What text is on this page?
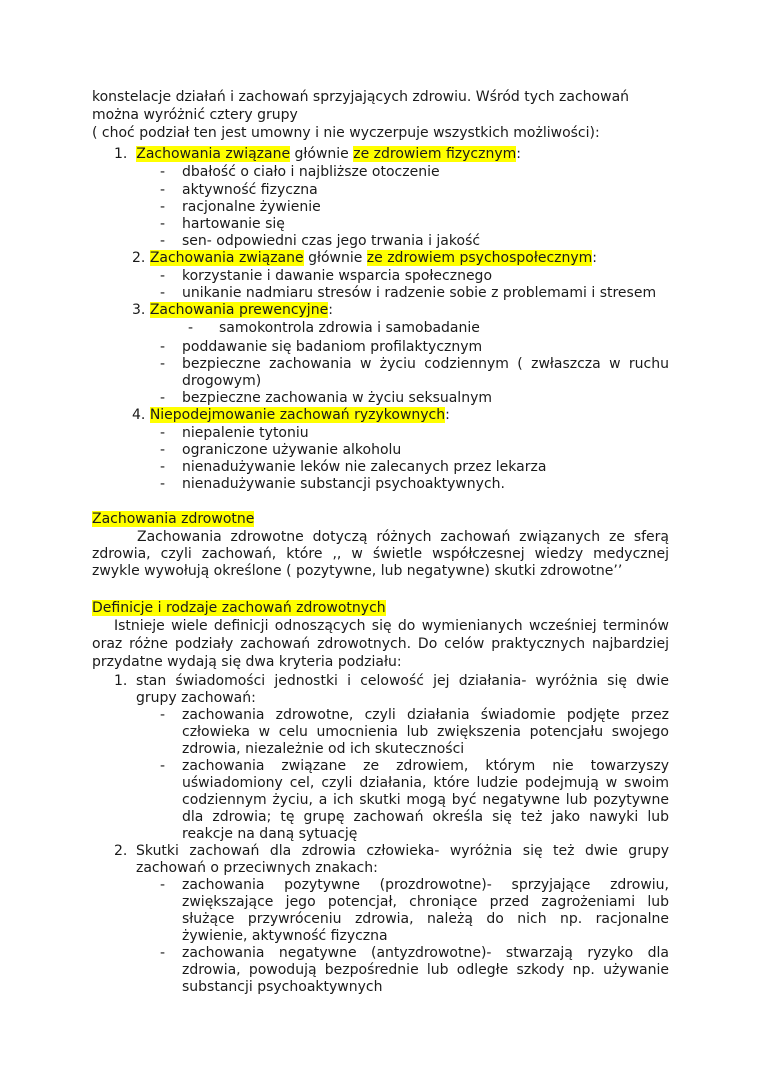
konstelacje działań i zachowań sprzyjających zdrowiu. Wśród tych zachowań
można wyróżnić cztery grupy
( choć podział ten jest umowny i nie wyczerpuje wszystkich możliwości):
1. Zachowania związane głównie ze zdrowiem fizycznym:
- dbałość o ciało i najbliższe otoczenie
- aktywność fizyczna
- racjonalne żywienie
- hartowanie się
- sen- odpowiedni czas jego trwania i jakość
2. Zachowania związane głównie ze zdrowiem psychospołecznym:
- korzystanie i dawanie wsparcia społecznego
- unikanie nadmiaru stresów i radzenie sobie z problemami i stresem
3. Zachowania prewencyjne:
- samokontrola zdrowia i samobadanie
- poddawanie się badaniom profilaktycznym
- bezpieczne zachowania w życiu codziennym ( zwłaszcza w ruchu
drogowym)
- bezpieczne zachowania w życiu seksualnym
4. Niepodejmowanie zachowań ryzykownych:
- niepalenie tytoniu
- ograniczone używanie alkoholu
- nienadużywanie leków nie zalecanych przez lekarza
- nienadużywanie substancji psychoaktywnych.
Zachowania zdrowotne
Zachowania zdrowotne dotyczą różnych zachowań związanych ze sferą
zdrowia, czyli zachowań, które ,, w świetle współczesnej wiedzy medycznej
zwykle wywołują określone ( pozytywne, lub negatywne) skutki zdrowotne’’
Definicje i rodzaje zachowań zdrowotnych
Istnieje wiele definicji odnoszących się do wymienianych wcześniej terminów
oraz różne podziały zachowań zdrowotnych. Do celów praktycznych najbardziej
przydatne wydają się dwa kryteria podziału:
1. stan świadomości jednostki i celowość jej działania- wyróżnia się dwie
grupy zachowań:
- zachowania zdrowotne, czyli działania świadomie podjęte przez
człowieka w celu umocnienia lub zwiększenia potencjału swojego
zdrowia, niezależnie od ich skuteczności
- zachowania związane ze zdrowiem, którym nie towarzyszy
uświadomiony cel, czyli działania, które ludzie podejmują w swoim
codziennym życiu, a ich skutki mogą być negatywne lub pozytywne
dla zdrowia; tę grupę zachowań określa się też jako nawyki lub
reakcje na daną sytuację
2. Skutki zachowań dla zdrowia człowieka- wyróżnia się też dwie grupy
zachowań o przeciwnych znakach:
- zachowania pozytywne (prozdrowotne)- sprzyjające zdrowiu,
zwiększające jego potencjał, chroniące przed zagrożeniami lub
służące przywróceniu zdrowia, należą do nich np. racjonalne
żywienie, aktywność fizyczna
- zachowania negatywne (antyzdrowotne)- stwarzają ryzyko dla
zdrowia, powodują bezpośrednie lub odległe szkody np. używanie
substancji psychoaktywnych
